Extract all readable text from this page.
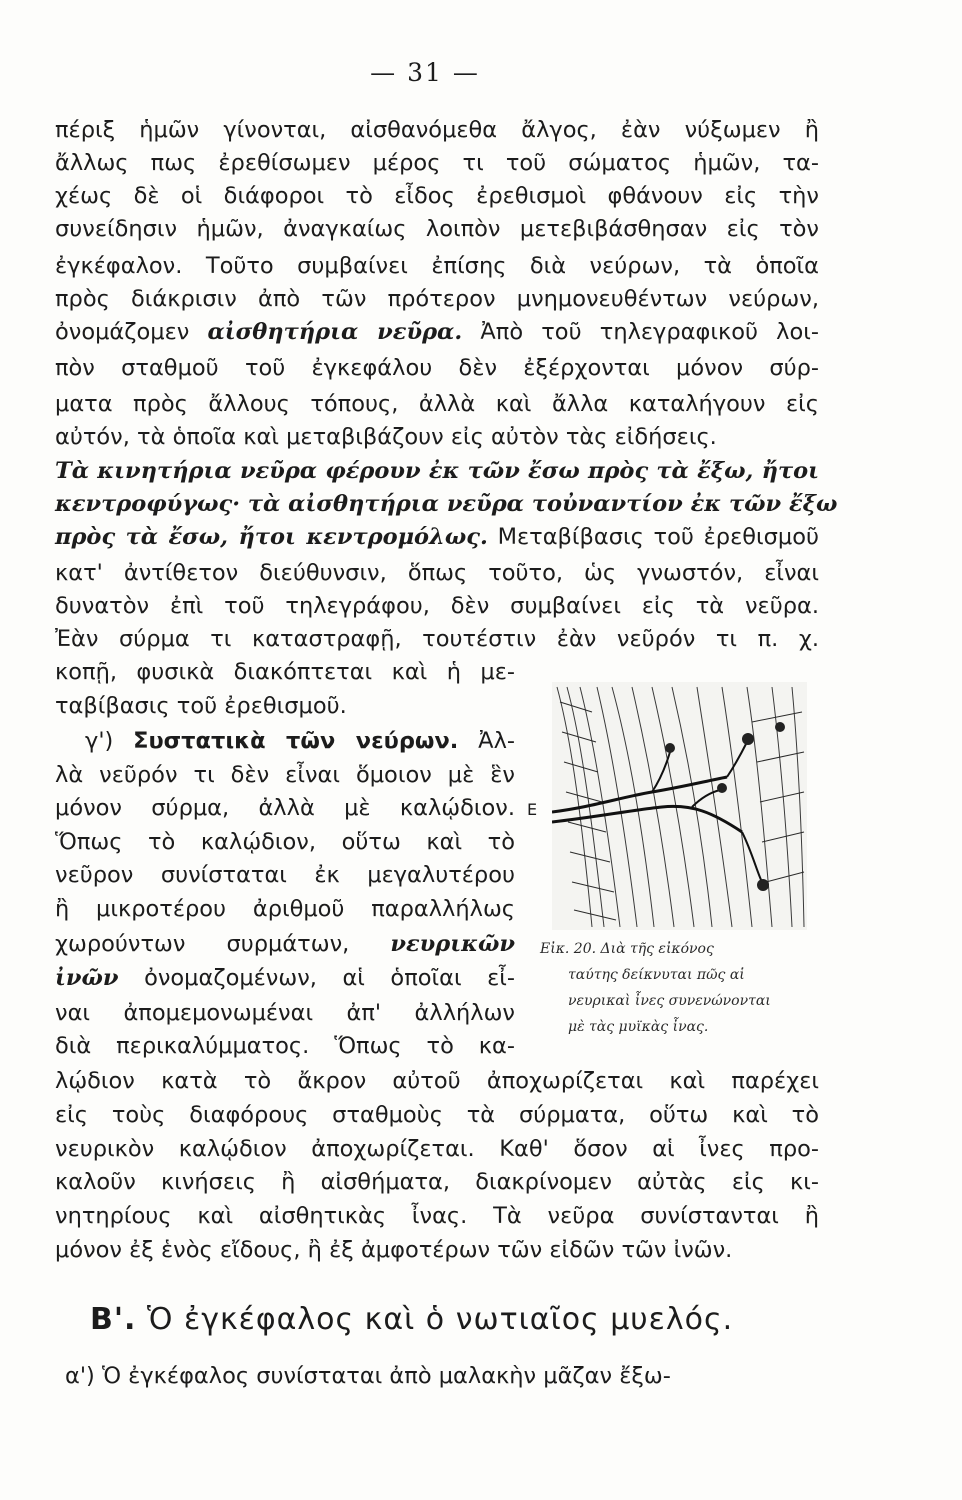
— 31 —
πέριξ ἡμῶν γίνονται, αἰσθανόμεθα ἄλγος, ἐὰν νύξωμεν ἢ
ἄλλως πως ἐρεθίσωμεν μέρος τι τοῦ σώματος ἡμῶν, τα-
χέως δὲ οἱ διάφοροι τὸ εἶδος ἐρεθισμοὶ φθάνουν εἰς τὴν
συνείδησιν ἡμῶν, ἀναγκαίως λοιπὸν μετεβιβάσθησαν εἰς τὸν
ἐγκέφαλον. Τοῦτο συμβαίνει ἐπίσης διὰ νεύρων, τὰ ὁποῖα
πρὸς διάκρισιν ἀπὸ τῶν πρότερον μνημονευθέντων νεύρων,
ὀνομάζομεν αἰσθητήρια νεῦρα. Ἀπὸ τοῦ τηλεγραφικοῦ λοι-
πὸν σταθμοῦ τοῦ ἐγκεφάλου δὲν ἐξέρχονται μόνον σύρ-
ματα πρὸς ἄλλους τόπους, ἀλλὰ καὶ ἄλλα καταλήγουν εἰς
αὐτόν, τὰ ὁποῖα καὶ μεταβιβάζουν εἰς αὐτὸν τὰς εἰδήσεις.
Τὰ κινητήρια νεῦρα φέρουν ἐκ τῶν ἔσω πρὸς τὰ ἔξω, ἤτοι
κεντροφύγως· τὰ αἰσθητήρια νεῦρα τοὐναντίον ἐκ τῶν ἔξω
πρὸς τὰ ἔσω, ἤτοι κεντρομόλως. Μεταβίβασις τοῦ ἐρεθισμοῦ
κατ' ἀντίθετον διεύθυνσιν, ὅπως τοῦτο, ὡς γνωστόν, εἶναι
δυνατὸν ἐπὶ τοῦ τηλεγράφου, δὲν συμβαίνει εἰς τὰ νεῦρα.
Ἐὰν σύρμα τι καταστραφῇ, τουτέστιν ἐὰν νεῦρόν τι π. χ.
κοπῇ, φυσικὰ διακόπτεται καὶ ἡ με-
ταβίβασις τοῦ ἐρεθισμοῦ.
γ') Συστατικὰ τῶν νεύρων. Ἀλ-
λὰ νεῦρόν τι δὲν εἶναι ὅμοιον μὲ ἓν
μόνον σύρμα, ἀλλὰ μὲ καλῴδιον.
Ὅπως τὸ καλῴδιον, οὕτω καὶ τὸ
νεῦρον συνίσταται ἐκ μεγαλυτέρου
ἢ μικροτέρου ἀριθμοῦ παραλλήλως
χωρούντων συρμάτων, νευρικῶν
ἰνῶν ὀνομαζομένων, αἱ ὁποῖαι εἶ-
ναι ἀπομεμονωμέναι ἀπ' ἀλλήλων
διὰ περικαλύμματος. Ὅπως τὸ κα-
λῴδιον κατὰ τὸ ἄκρον αὐτοῦ ἀποχωρίζεται καὶ παρέχει
εἰς τοὺς διαφόρους σταθμοὺς τὰ σύρματα, οὕτω καὶ τὸ
νευρικὸν καλῴδιον ἀποχωρίζεται. Καθ' ὅσον αἱ ἶνες προ-
καλοῦν κινήσεις ἢ αἰσθήματα, διακρίνομεν αὐτὰς εἰς κι-
νητηρίους καὶ αἰσθητικὰς ἶνας. Τὰ νεῦρα συνίστανται ἢ
μόνον ἐξ ἑνὸς εἴδους, ἢ ἐξ ἀμφοτέρων τῶν εἰδῶν τῶν ἰνῶν.
Β'. Ὁ ἐγκέφαλος καὶ ὁ νωτιαῖος μυελός.
α') Ὁ ἐγκέφαλος συνίσταται ἀπὸ μαλακὴν μᾶζαν ἔξω-
E
Εἰκ. 20. Διὰ τῆς εἰκόνος
ταύτης δείκνυται πῶς αἱ
νευρικαὶ ἶνες συνενώνονται
μὲ τὰς μυϊκὰς ἶνας.
